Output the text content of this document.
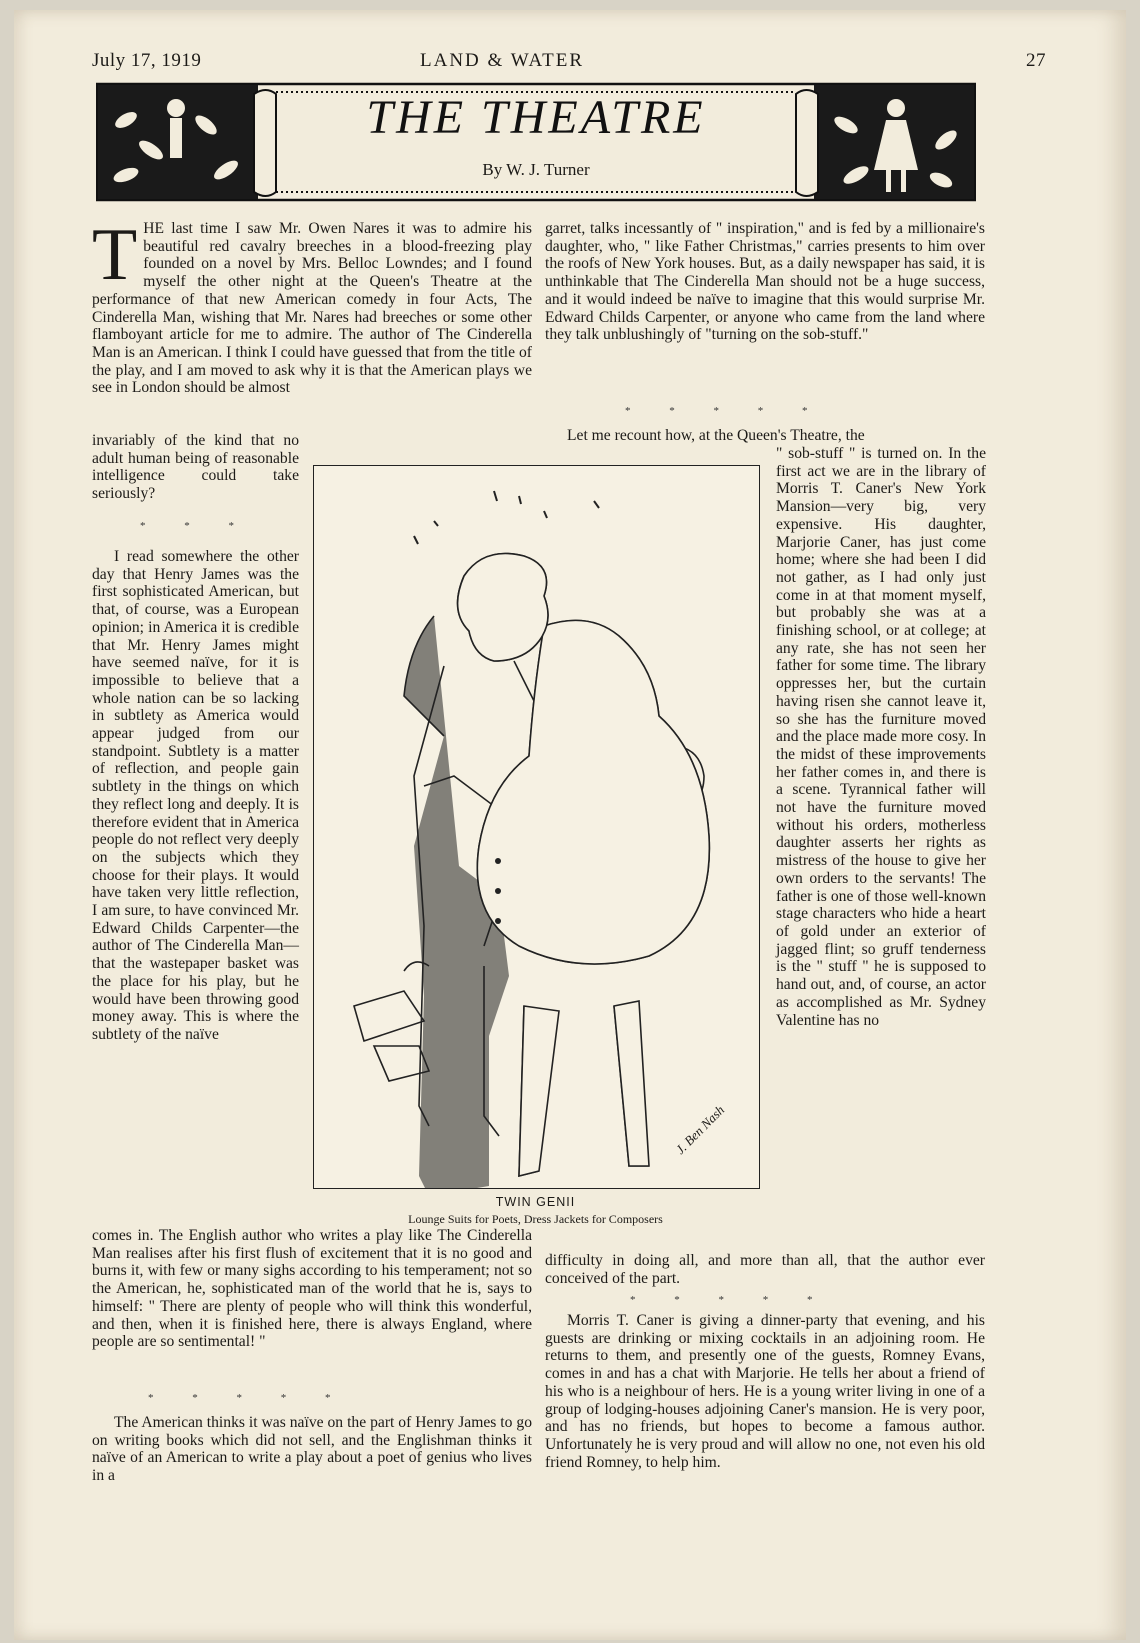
July 17, 1919	LAND & WATER	27
THE THEATRE
By W. J. Turner
T HE last time I saw Mr. Owen Nares it was to admire his beautiful red cavalry breeches in a blood-freezing play founded on a novel by Mrs. Belloc Lowndes; and I found myself the other night at the Queen's Theatre at the performance of that new American comedy in four Acts, The Cinderella Man, wishing that Mr. Nares had breeches or some other flamboyant article for me to admire. The author of The Cinderella Man is an American. I think I could have guessed that from the title of the play, and I am moved to ask why it is that the American plays we see in London should be almost
invariably of the kind that no adult human being of reasonable intelligence could take seriously?
* * *
I read somewhere the other day that Henry James was the first sophisticated American, but that, of course, was a European opinion; in America it is credible that Mr. Henry James might have seemed naïve, for it is impossible to believe that a whole nation can be so lacking in subtlety as America would appear judged from our standpoint. Subtlety is a matter of reflection, and people gain subtlety in the things on which they reflect long and deeply. It is therefore evident that in America people do not reflect very deeply on the subjects which they choose for their plays. It would have taken very little reflection, I am sure, to have convinced Mr. Edward Childs Carpenter—the author of The Cinderella Man—that the wastepaper basket was the place for his play, but he would have been throwing good money away. This is where the subtlety of the naïve
comes in. The English author who writes a play like The Cinderella Man realises after his first flush of excitement that it is no good and burns it, with few or many sighs according to his temperament; not so the American, he, sophisticated man of the world that he is, says to himself: " There are plenty of people who will think this wonderful, and then, when it is finished here, there is always England, where people are so sentimental! "
* * * * *
The American thinks it was naïve on the part of Henry James to go on writing books which did not sell, and the Englishman thinks it naïve of an American to write a play about a poet of genius who lives in a
garret, talks incessantly of " inspiration," and is fed by a millionaire's daughter, who, " like Father Christmas," carries presents to him over the roofs of New York houses. But, as a daily newspaper has said, it is unthinkable that The Cinderella Man should not be a huge success, and it would indeed be naïve to imagine that this would surprise Mr. Edward Childs Carpenter, or anyone who came from the land where they talk unblushingly of "turning on the sob-stuff."
* * * * *
Let me recount how, at the Queen's Theatre, the
" sob-stuff " is turned on. In the first act we are in the library of Morris T. Caner's New York Mansion—very big, very expensive. His daughter, Marjorie Caner, has just come home; where she had been I did not gather, as I had only just come in at that moment myself, but probably she was at a finishing school, or at college; at any rate, she has not seen her father for some time. The library oppresses her, but the curtain having risen she cannot leave it, so she has the furniture moved and the place made more cosy. In the midst of these improvements her father comes in, and there is a scene. Tyrannical father will not have the furniture moved without his orders, motherless daughter asserts her rights as mistress of the house to give her own orders to the servants! The father is one of those well-known stage characters who hide a heart of gold under an exterior of jagged flint; so gruff tenderness is the " stuff " he is supposed to hand out, and, of course, an actor as accomplished as Mr. Sydney Valentine has no
difficulty in doing all, and more than all, that the author ever conceived of the part.
* * * * *
Morris T. Caner is giving a dinner-party that evening, and his guests are drinking or mixing cocktails in an adjoining room. He returns to them, and presently one of the guests, Romney Evans, comes in and has a chat with Marjorie. He tells her about a friend of his who is a neighbour of hers. He is a young writer living in one of a group of lodging-houses adjoining Caner's mansion. He is very poor, and has no friends, but hopes to become a famous author. Unfortunately he is very proud and will allow no one, not even his old friend Romney, to help him.
J. Ben Nash
TWIN GENII
Lounge Suits for Poets, Dress Jackets for Composers
